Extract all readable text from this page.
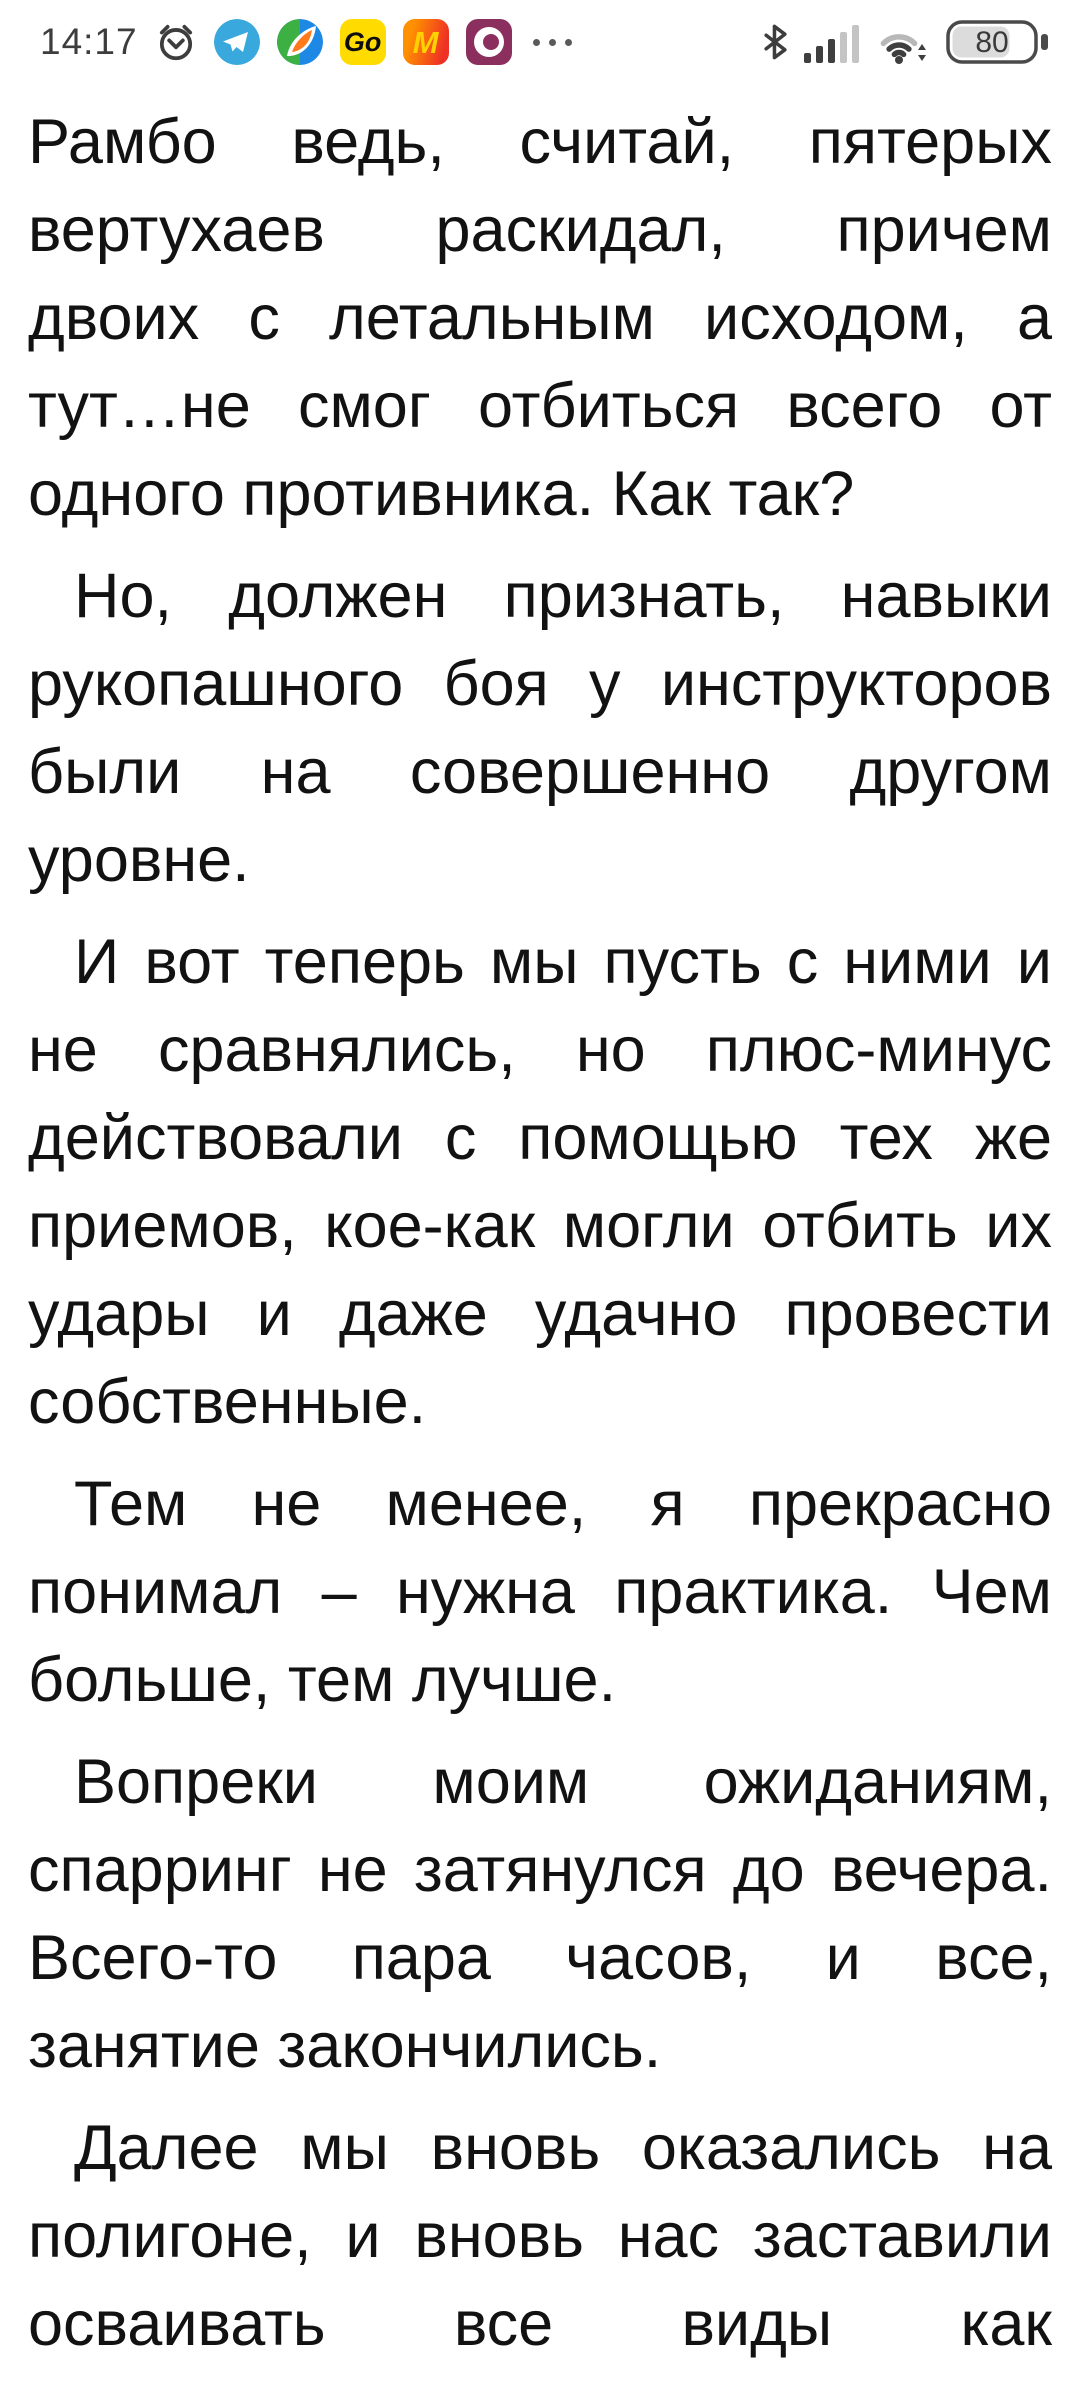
14:17	Go M	80

Рамбо ведь, считай, пятерых вертухаев раскидал, причем двоих с летальным исходом, а тут…не смог отбиться всего от одного противника. Как так?

Но, должен признать, навыки рукопашного боя у инструкторов были на совершенно другом уровне.

И вот теперь мы пусть с ними и не сравнялись, но плюс-минус действовали с помощью тех же приемов, кое-как могли отбить их удары и даже удачно провести собственные.

Тем не менее, я прекрасно понимал – нужна практика. Чем больше, тем лучше.

Вопреки моим ожиданиям, спарринг не затянулся до вечера. Всего-то пара часов, и все, занятие закончились.

Далее мы вновь оказались на полигоне, и вновь нас заставили осваивать все виды как
